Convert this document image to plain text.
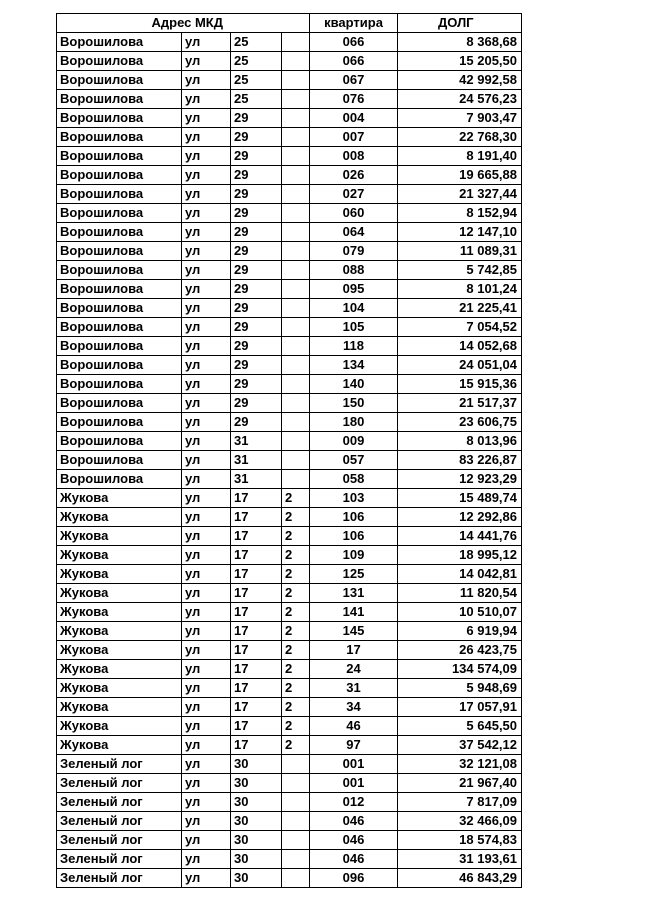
Адрес МКД				квартира	ДОЛГ
Ворошилова	ул	25		066	8 368,68
Ворошилова	ул	25		066	15 205,50
Ворошилова	ул	25		067	42 992,58
Ворошилова	ул	25		076	24 576,23
Ворошилова	ул	29		004	7 903,47
Ворошилова	ул	29		007	22 768,30
Ворошилова	ул	29		008	8 191,40
Ворошилова	ул	29		026	19 665,88
Ворошилова	ул	29		027	21 327,44
Ворошилова	ул	29		060	8 152,94
Ворошилова	ул	29		064	12 147,10
Ворошилова	ул	29		079	11 089,31
Ворошилова	ул	29		088	5 742,85
Ворошилова	ул	29		095	8 101,24
Ворошилова	ул	29		104	21 225,41
Ворошилова	ул	29		105	7 054,52
Ворошилова	ул	29		118	14 052,68
Ворошилова	ул	29		134	24 051,04
Ворошилова	ул	29		140	15 915,36
Ворошилова	ул	29		150	21 517,37
Ворошилова	ул	29		180	23 606,75
Ворошилова	ул	31		009	8 013,96
Ворошилова	ул	31		057	83 226,87
Ворошилова	ул	31		058	12 923,29
Жукова	ул	17	2	103	15 489,74
Жукова	ул	17	2	106	12 292,86
Жукова	ул	17	2	106	14 441,76
Жукова	ул	17	2	109	18 995,12
Жукова	ул	17	2	125	14 042,81
Жукова	ул	17	2	131	11 820,54
Жукова	ул	17	2	141	10 510,07
Жукова	ул	17	2	145	6 919,94
Жукова	ул	17	2	17	26 423,75
Жукова	ул	17	2	24	134 574,09
Жукова	ул	17	2	31	5 948,69
Жукова	ул	17	2	34	17 057,91
Жукова	ул	17	2	46	5 645,50
Жукова	ул	17	2	97	37 542,12
Зеленый лог	ул	30		001	32 121,08
Зеленый лог	ул	30		001	21 967,40
Зеленый лог	ул	30		012	7 817,09
Зеленый лог	ул	30		046	32 466,09
Зеленый лог	ул	30		046	18 574,83
Зеленый лог	ул	30		046	31 193,61
Зеленый лог	ул	30		096	46 843,29
